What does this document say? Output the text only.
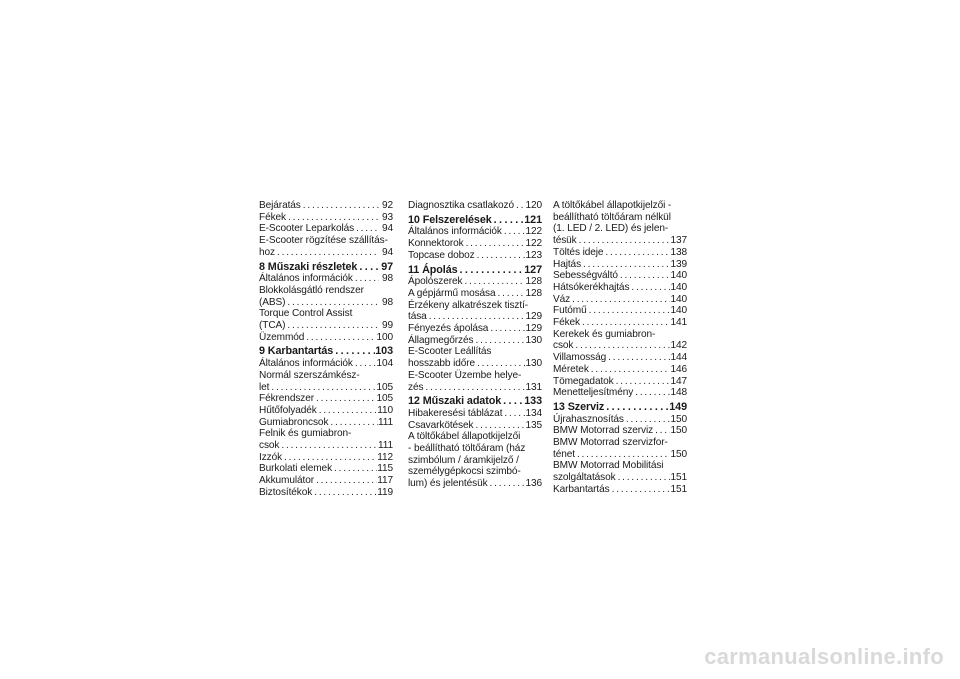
Bejáratás . . .	92
Fékek . . .	93
E-Scooter Leparkolás . . .	94
E-Scooter rögzítése szállítás-
hoz . . .	94
8 Műszaki részletek . . . 97
Általános információk . . .	98
Blokkolásgátló rendszer
(ABS) . . .	98
Torque Control Assist
(TCA) . . .	99
Üzemmód . . .	100
9 Karbantartás . . .	103
Általános információk . . . 104
Normál szerszámkész-
let . . .	105
Fékrendszer . . .	105
Hűtőfolyadék . . .	110
Gumiabroncsok . . .	111
Felnik és gumiabron-
csok . . .	111
Izzók . . .	112
Burkolati elemek . . .	115
Akkumulátor . . .	117
Biztosítékok . . .	119
Diagnosztika csatlakozó . . . 120
10 Felszerelések . . .	121
Általános információk . . . 122
Konnektorok . . .	122
Topcase doboz . . .	123
11 Ápolás . . .	127
Ápolószerek . . .	128
A gépjármű mosása . . .	128
Érzékeny alkatrészek tisztí-
tása . . .	129
Fényezés ápolása . . .	129
Állagmegőrzés . . .	130
E-Scooter Leállítás
hosszabb időre . . .	130
E-Scooter Üzembe helye-
zés . . .	131
12 Műszaki adatok . . . 133
Hibakeresési táblázat . . . 134
Csavarkötések . . .	135
A töltőkábel állapotkijelzői
- beállítható töltőáram (ház
szimbólum / áramkijelző /
személygépkocsi szimbó-
lum) és jelentésük . . .	136
A töltőkábel állapotkijelzői -
beállítható töltőáram nélkül
(1. LED / 2. LED) és jelen-
tésük . . .	137
Töltés ideje . . .	138
Hajtás . . .	139
Sebességváltó . . .	140
Hátsókerékhajtás . . .	140
Váz . . .	140
Futómű . . .	140
Fékek . . .	141
Kerekek és gumiabron-
csok . . .	142
Villamosság . . .	144
Méretek . . .	146
Tömegadatok . . .	147
Menetteljesítmény . . .	148
13 Szerviz . . .	149
Újrahasznosítás . . .	150
BMW Motorrad szerviz . . . 150
BMW Motorrad szervizfor-
ténet . . .	150
BMW Motorrad Mobilitási
szolgáltatások . . .	151
Karbantartás . . .	151
carmanualsonline.info
